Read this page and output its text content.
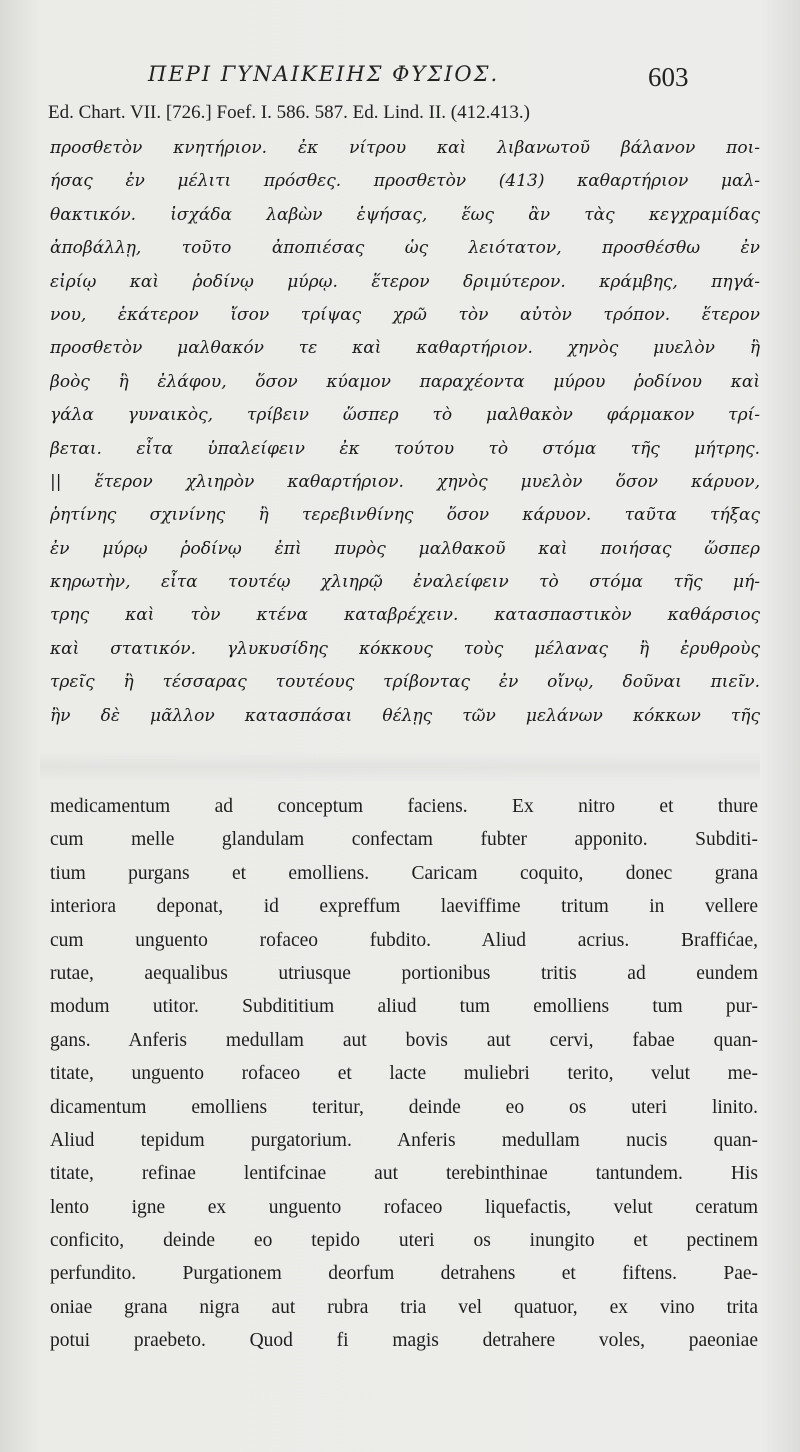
ΠΕΡΙ ΓΥΝΑΙΚΕΙΗΣ ΦΥΣΙΟΣ.	603
Ed. Chart. VII. [726.] Foef. I. 586. 587. Ed. Lind. II. (412.413.)
προσθετὸν κνητήριον. ἐκ νίτρου καὶ λιβανωτοῦ βάλανον ποι-
ήσας ἐν μέλιτι πρόσθες. προσθετὸν (413) καθαρτήριον μαλ-
θακτικόν. ἰσχάδα λαβὼν ἑψήσας, ἕως ἂν τὰς κεγχραμίδας
ἀποβάλλῃ, τοῦτο ἀποπιέσας ὡς λειότατον, προσθέσθω ἐν
εἰρίῳ καὶ ῥοδίνῳ μύρῳ. ἕτερον δριμύτερον. κράμβης, πηγά-
νου, ἑκάτερον ἴσον τρίψας χρῶ τὸν αὐτὸν τρόπον. ἕτερον
προσθετὸν μαλθακόν τε καὶ καθαρτήριον. χηνὸς μυελὸν ἢ
βοὸς ἢ ἐλάφου, ὅσον κύαμον παραχέοντα μύρου ῥοδίνου καὶ
γάλα γυναικὸς, τρίβειν ὥσπερ τὸ μαλθακὸν φάρμακον τρί-
βεται. εἶτα ὑπαλείφειν ἐκ τούτου τὸ στόμα τῆς μήτρης.
|| ἕτερον χλιηρὸν καθαρτήριον. χηνὸς μυελὸν ὅσον κάρυον,
ῥητίνης σχινίνης ἢ τερεβινθίνης ὅσον κάρυον. ταῦτα τήξας
ἐν μύρῳ ῥοδίνῳ ἐπὶ πυρὸς μαλθακοῦ καὶ ποιήσας ὥσπερ
κηρωτὴν, εἶτα τουτέῳ χλιηρῷ ἐναλείφειν τὸ στόμα τῆς μή-
τρης καὶ τὸν κτένα καταβρέχειν. κατασπαστικὸν καθάρσιος
καὶ στατικόν. γλυκυσίδης κόκκους τοὺς μέλανας ἢ ἐρυθροὺς
τρεῖς ἢ τέσσαρας τουτέους τρίβοντας ἐν οἴνῳ, δοῦναι πιεῖν.
ἢν δὲ μᾶλλον κατασπάσαι θέλῃς τῶν μελάνων κόκκων τῆς
medicamentum ad conceptum faciens. Ex nitro et thure
cum melle glandulam confectam fubter apponito. Subditi-
tium purgans et emolliens. Caricam coquito, donec grana
interiora deponat, id expreffum laeviffime tritum in vellere
cum unguento rofaceo fubdito. Aliud acrius. Braffićae,
rutae, aequalibus utriusque portionibus tritis ad eundem
modum utitor. Subdititium aliud tum emolliens tum pur-
gans. Anferis medullam aut bovis aut cervi, fabae quan-
titate, unguento rofaceo et lacte muliebri terito, velut me-
dicamentum emolliens teritur, deinde eo os uteri linito.
Aliud tepidum purgatorium. Anferis medullam nucis quan-
titate, refinae lentifcinae aut terebinthinae tantundem. His
lento igne ex unguento rofaceo liquefactis, velut ceratum
conficito, deinde eo tepido uteri os inungito et pectinem
perfundito. Purgationem deorfum detrahens et fiftens. Pae-
oniae grana nigra aut rubra tria vel quatuor, ex vino trita
potui praebeto. Quod fi magis detrahere voles, paeoniae
